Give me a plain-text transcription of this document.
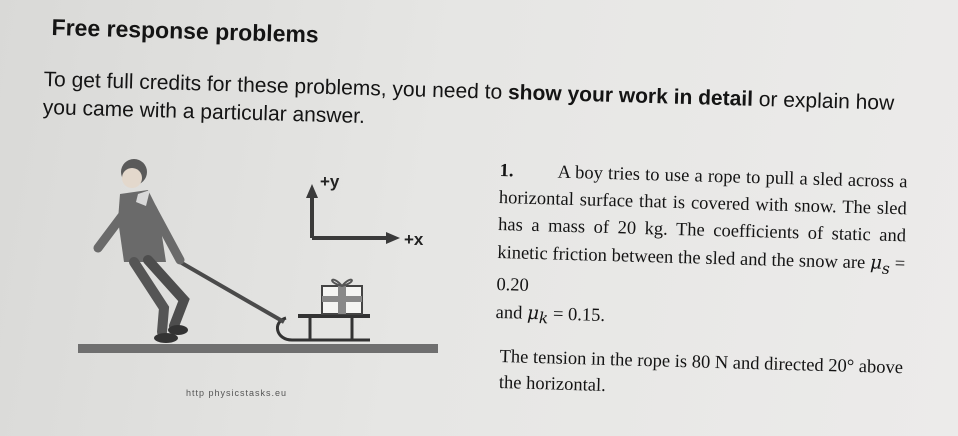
Free response problems
To get full credits for these problems, you need to show your work in detail or explain how you came with a particular answer.
+y
+x
http physicstasks.eu

1. A boy tries to use a rope to pull a sled across a horizontal surface that is covered with snow. The sled has a mass of 20 kg. The coefficients of static and kinetic friction between the sled and the snow are $\mu_s = 0.20$
and $\mu_k = 0.15$.

The tension in the rope is 80 N and directed 20° above the horizontal.
